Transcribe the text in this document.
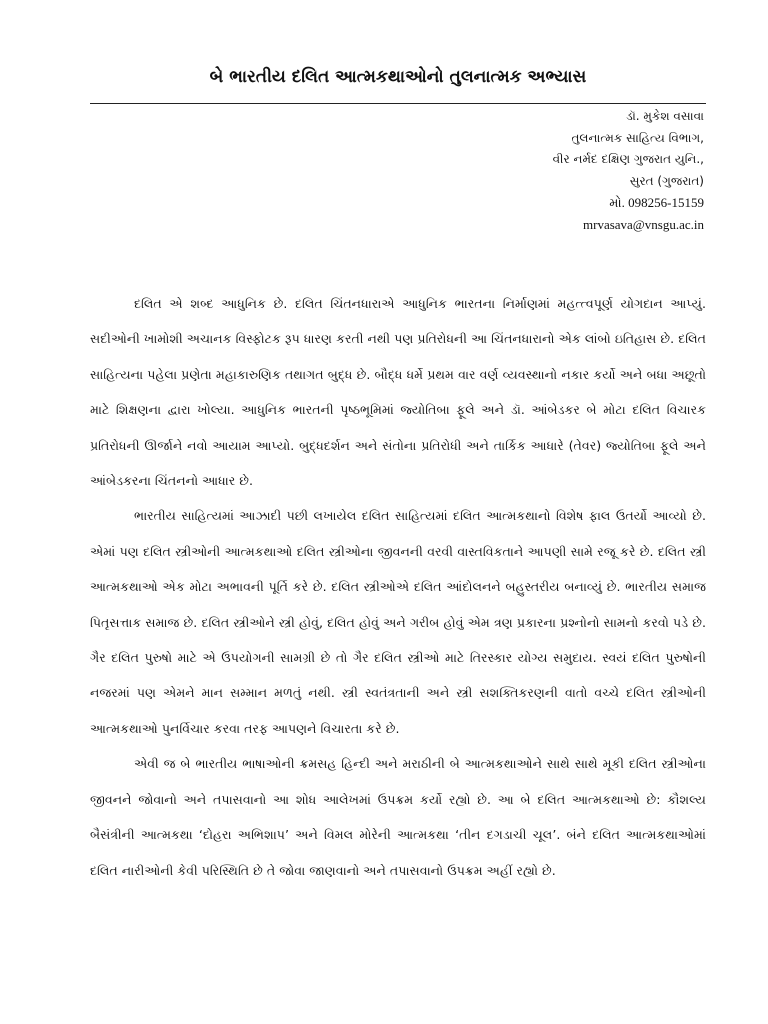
બે ભારતીય દલિત આત્મકથાઓનો તુલનાત્મક અભ્યાસ
ડૉ. મુકેશ વસાવા
તુલનાત્મક સાહિત્ય વિભાગ,
વીર નર્મદ દક્ષિણ ગુજરાત યુનિ.,
સુરત (ગુજરાત)
મો. 098256-15159
mrvasava@vnsgu.ac.in

દલિત એ શબ્દ આધુનિક છે. દલિત ચિંતનધારાએ આધુનિક ભારતના નિર્માણમાં મહત્ત્વપૂર્ણ યોગદાન આપ્યું. સદીઓની ખામોશી અચાનક વિસ્ફોટક રૂપ ધારણ કરતી નથી પણ પ્રતિરોધની આ ચિંતનધારાનો એક લાંબો ઇતિહાસ છે. દલિત સાહિત્યના પહેલા પ્રણેતા મહાકારુણિક તથાગત બુદ્ધ છે. બૌદ્ધ ધર્મે પ્રથમ વાર વર્ણ વ્યવસ્થાનો નકાર કર્યો અને બધા અછૂતો માટે શિક્ષણના દ્વારા ખોલ્યા. આધુનિક ભારતની પૃષ્ઠભૂમિમાં જ્યોતિબા ફૂલે અને ડૉ. આંબેડકર બે મોટા દલિત વિચારક પ્રતિરોધની ઊર્જાને નવો આયામ આપ્યો. બુદ્ધદર્શન અને સંતોના પ્રતિરોધી અને તાર્કિક આધારે (તેવર) જ્યોતિબા ફૂલે અને આંબેડકરના ચિંતનનો આધાર છે.

ભારતીય સાહિત્યમાં આઝાદી પછી લખાયેલ દલિત સાહિત્યમાં દલિત આત્મકથાનો વિશેષ ફાલ ઉતર્યો આવ્યો છે. એમાં પણ દલિત સ્ત્રીઓની આત્મકથાઓ દલિત સ્ત્રીઓના જીવનની વરવી વાસ્તવિકતાને આપણી સામે રજૂ કરે છે. દલિત સ્ત્રી આત્મકથાઓ એક મોટા અભાવની પૂર્તિ કરે છે. દલિત સ્ત્રીઓએ દલિત આંદોલનને બહુસ્તરીય બનાવ્યું છે. ભારતીય સમાજ પિતૃસત્તાક સમાજ છે. દલિત સ્ત્રીઓને સ્ત્રી હોવું, દલિત હોવું અને ગરીબ હોવું એમ ત્રણ પ્રકારના પ્રશ્નોનો સામનો કરવો પડે છે. ગૈર દલિત પુરુષો માટે એ ઉપયોગની સામગ્રી છે તો ગૈર દલિત સ્ત્રીઓ માટે તિરસ્કાર યોગ્ય સમુદાય. સ્વયં દલિત પુરુષોની નજરમાં પણ એમને માન સમ્માન મળતું નથી. સ્ત્રી સ્વતંત્રતાની અને સ્ત્રી સશક્તિકરણની વાતો વચ્ચે દલિત સ્ત્રીઓની આત્મકથાઓ પુનર્વિચાર કરવા તરફ આપણને વિચારતા કરે છે.

એવી જ બે ભારતીય ભાષાઓની ક્રમસહ હિન્દી અને મરાઠીની બે આત્મકથાઓને સાથે સાથે મૂકી દલિત સ્ત્રીઓના જીવનને જોવાનો અને તપાસવાનો આ શોધ આલેખમાં ઉપક્રમ કર્યો રહ્યો છે. આ બે દલિત આત્મકથાઓ છે: કૌશલ્ય બૈસંત્રીની આત્મકથા ‘દોહરા અભિશાપ’ અને વિમલ મોરેની આત્મકથા ‘તીન દગડાચી ચૂલ’. બંને દલિત આત્મકથાઓમાં દલિત નારીઓની કેવી પરિસ્થિતિ છે તે જોવા જાણવાનો અને તપાસવાનો ઉપક્રમ અહીં રહ્યો છે.
